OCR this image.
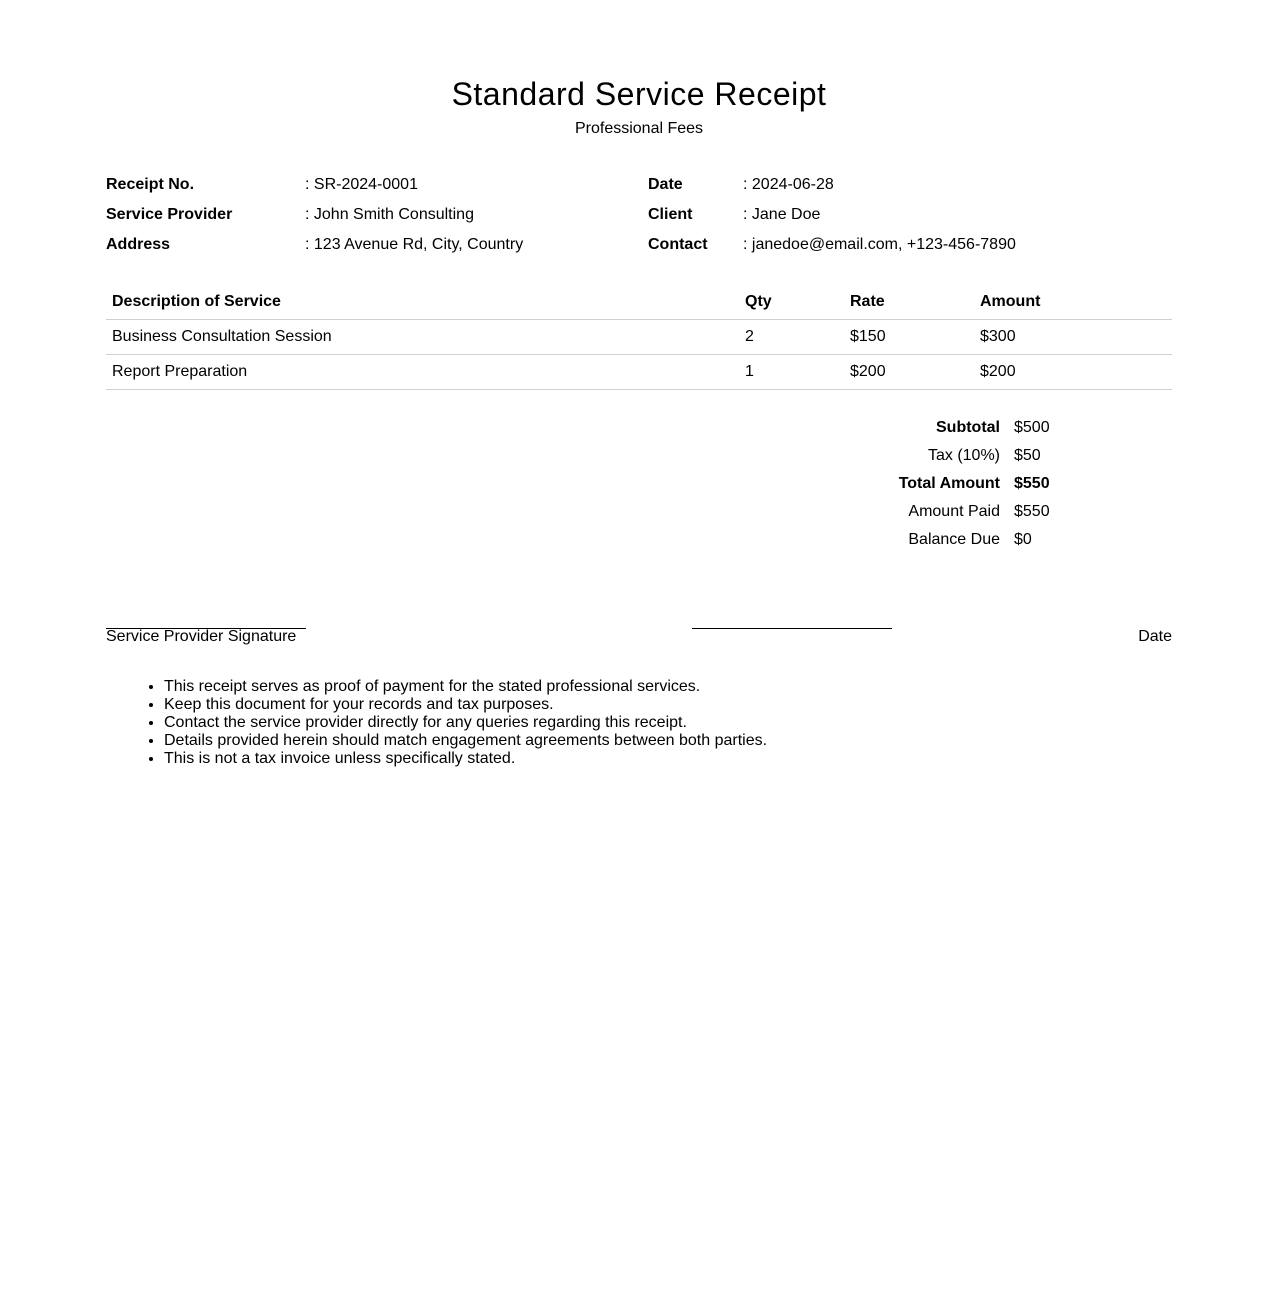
Standard Service Receipt
Professional Fees
Receipt No.	: SR-2024-0001	Date	: 2024-06-28
Service Provider	: John Smith Consulting	Client	: Jane Doe
Address	: 123 Avenue Rd, City, Country	Contact : janedoe@email.com, +123-456-7890
Description of Service	Qty	Rate	Amount
Business Consultation Session	2	$150	$300
Report Preparation	1	$200	$200
Subtotal $500
Tax (10%) $50
Total Amount $550
Amount Paid $550
Balance Due $0
Service Provider Signature	Date
• This receipt serves as proof of payment for the stated professional services.
• Keep this document for your records and tax purposes.
• Contact the service provider directly for any queries regarding this receipt.
• Details provided herein should match engagement agreements between both parties.
• This is not a tax invoice unless specifically stated.
